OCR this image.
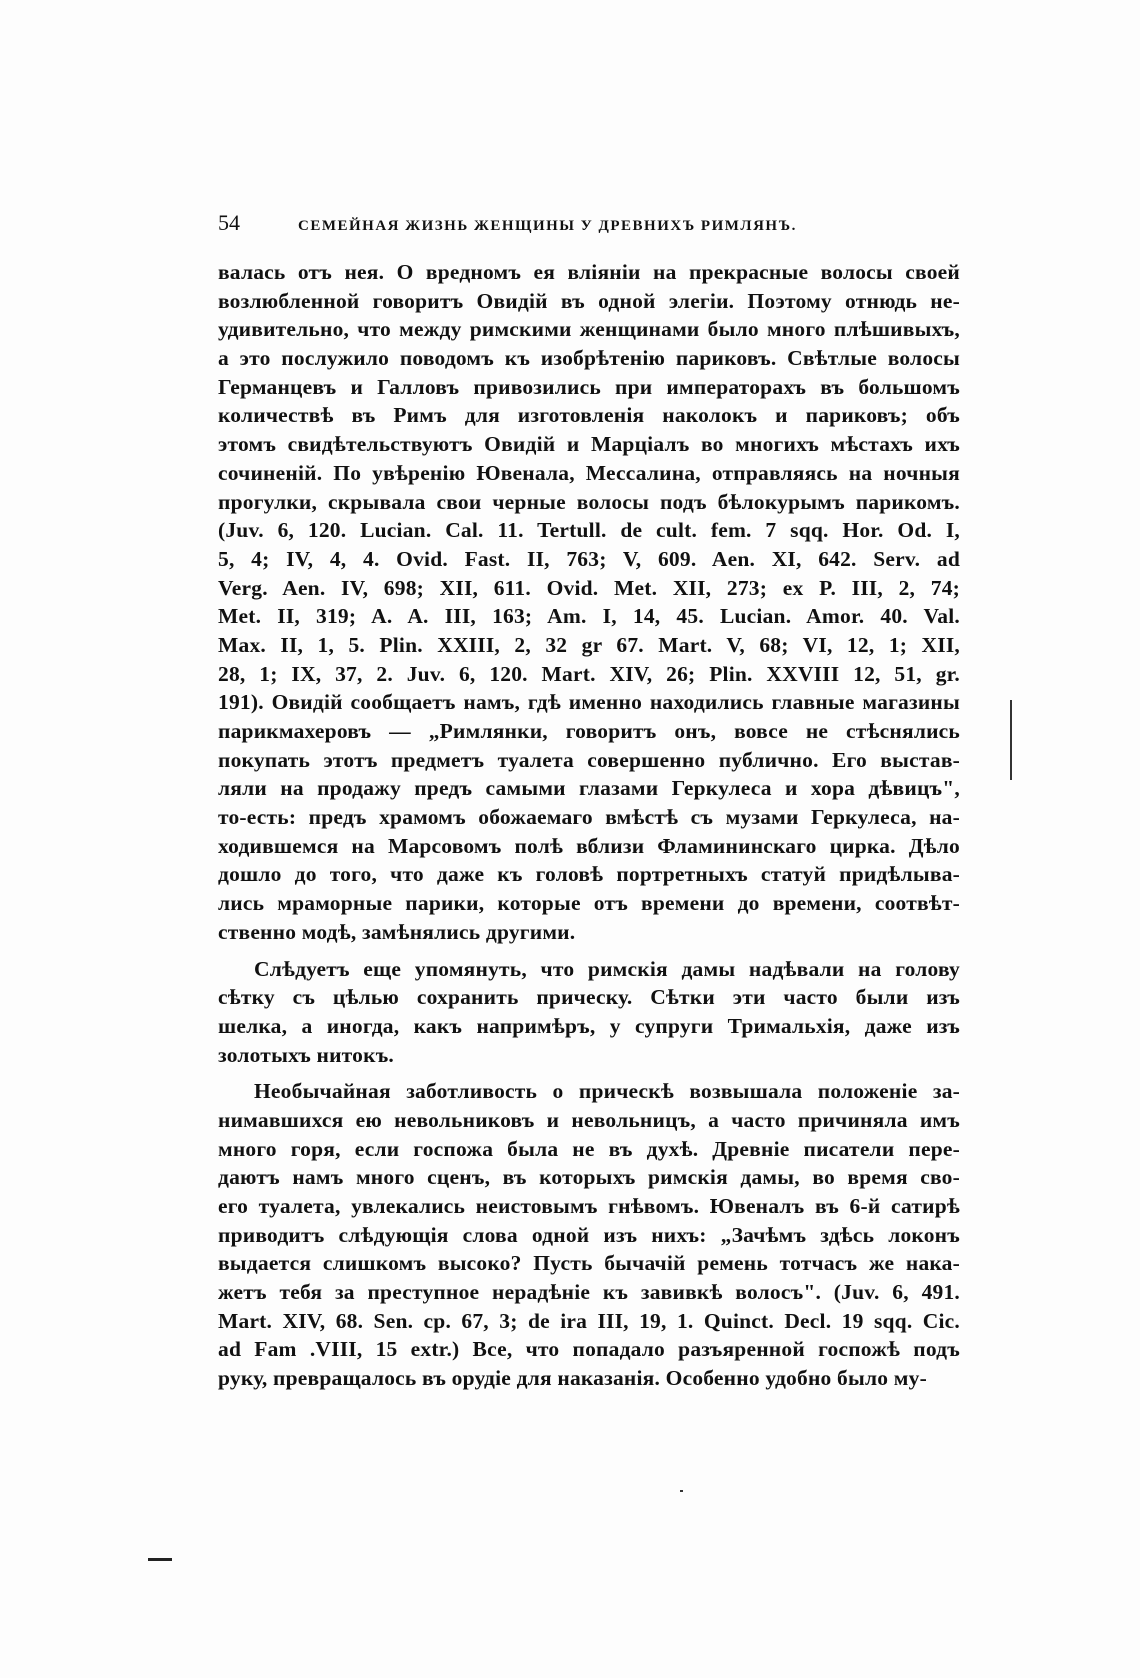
54	СЕМЕЙНАЯ ЖИЗНЬ ЖЕНЩИНЫ У ДРЕВНИХЪ РИМЛЯНЪ.
валась отъ нея. О вредномъ ея вліяніи на прекрасные волосы своей
возлюбленной говоритъ Овидій въ одной элегіи. Поэтому отнюдь не-
удивительно, что между римскими женщинами было много плѣшивыхъ,
а это послужило поводомъ къ изобрѣтенію париковъ. Свѣтлые волосы
Германцевъ и Галловъ привозились при императорахъ въ большомъ
количествѣ въ Римъ для изготовленія наколокъ и париковъ; объ
этомъ свидѣтельствуютъ Овидій и Марціалъ во многихъ мѣстахъ ихъ
сочиненій. По увѣренію Ювенала, Мессалина, отправляясь на ночныя
прогулки, скрывала свои черные волосы подъ бѣлокурымъ парикомъ.
(Juv. 6, 120. Lucian. Cal. 11. Tertull. de cult. fem. 7 sqq. Hor. Od. I,
5, 4; IV, 4, 4. Ovid. Fast. II, 763; V, 609. Aen. XI, 642. Serv. ad
Verg. Aen. IV, 698; XII, 611. Ovid. Met. XII, 273; ex P. III, 2, 74;
Met. II, 319; A. A. III, 163; Am. I, 14, 45. Lucian. Amor. 40. Val.
Max. II, 1, 5. Plin. XXIII, 2, 32 gr 67. Mart. V, 68; VI, 12, 1; XII,
28, 1; IX, 37, 2. Juv. 6, 120. Mart. XIV, 26; Plin. XXVIII 12, 51, gr.
191). Овидій сообщаетъ намъ, гдѣ именно находились главные магазины
парикмахеровъ — „Римлянки, говоритъ онъ, вовсе не стѣснялись
покупать этотъ предметъ туалета совершенно публично. Его выстав-
ляли на продажу предъ самыми глазами Геркулеса и хора дѣвицъ",
то-есть: предъ храмомъ обожаемаго вмѣстѣ съ музами Геркулеса, на-
ходившемся на Марсовомъ полѣ вблизи Фламининскаго цирка. Дѣло
дошло до того, что даже къ головѣ портретныхъ статуй придѣлыва-
лись мраморные парики, которые отъ времени до времени, соотвѣт-
ственно модѣ, замѣнялись другими.
Слѣдуетъ еще упомянуть, что римскія дамы надѣвали на голову
сѣтку съ цѣлью сохранить прическу. Сѣтки эти часто были изъ
шелка, а иногда, какъ напримѣръ, у супруги Тримальхія, даже изъ
золотыхъ нитокъ.
Необычайная заботливость о прическѣ возвышала положеніе за-
нимавшихся ею невольниковъ и невольницъ, а часто причиняла имъ
много горя, если госпожа была не въ духѣ. Древніе писатели пере-
даютъ намъ много сценъ, въ которыхъ римскія дамы, во время сво-
его туалета, увлекались неистовымъ гнѣвомъ. Ювеналъ въ 6-й сатирѣ
приводитъ слѣдующія слова одной изъ нихъ: „Зачѣмъ здѣсь локонъ
выдается слишкомъ высоко? Пусть бычачій ремень тотчасъ же нака-
жетъ тебя за преступное нерадѣніе къ завивкѣ волосъ". (Juv. 6, 491.
Mart. XIV, 68. Sen. cp. 67, 3; de ira III, 19, 1. Quinct. Decl. 19 sqq. Cic.
ad Fam .VIII, 15 extr.) Все, что попадало разъяренной госпожѣ подъ
руку, превращалось въ орудіе для наказанія. Особенно удобно было му-
